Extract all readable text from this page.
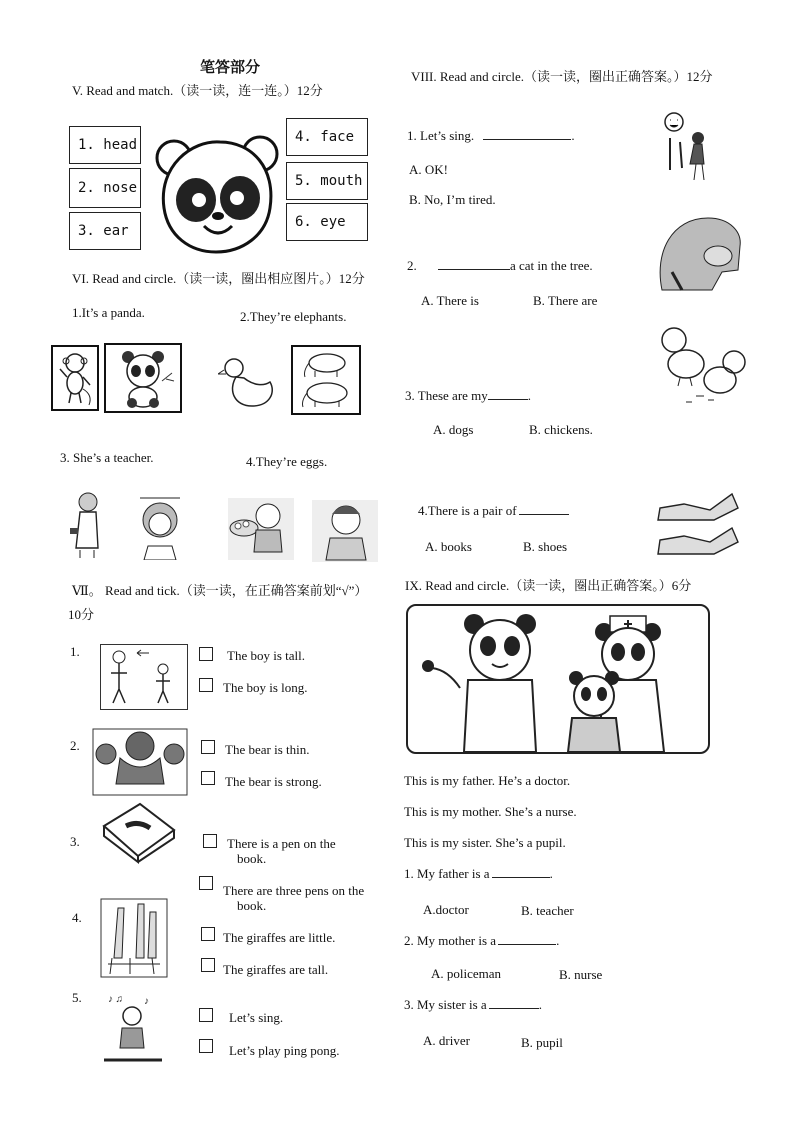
笔答部分
V. Read and match.（读一读，连一连。）12分
1. head
2. nose
3. ear
4. face
5. mouth
6. eye
VI. Read and circle.（读一读，圈出相应图片。）12分
1.It’s a panda.	2.They’re elephants.
3. She’s a teacher.	4.They’re eggs.
Ⅶ。 Read and tick.（读一读，在正确答案前划“√”）
10分
1.	The boy is tall.
The boy is long.
2.	The bear is thin.
The bear is strong.
3.	There is a pen on the
book.
There are three pens on the
book.
4.
The giraffes are little.
The giraffes are tall.
5.	♪ ♫ ♪
Let’s sing.
Let’s play ping pong.
VIII. Read and circle.（读一读，圈出正确答案。）12分
1. Let’s sing.	.
A. OK!
B. No, I’m tired.
2.	a cat in the tree.
A. There is	B. There are
3. These are my	.
A. dogs	B. chickens.
4.There is a pair of
A. books	B. shoes
IX. Read and circle.（读一读，圈出正确答案。）6分
This is my father. He’s a doctor.
This is my mother. She’s a nurse.
This is my sister. She’s a pupil.
1. My father is a	.
A.doctor	B. teacher
2. My mother is a	.
A. policeman	B. nurse
3. My sister is a	.
A. driver	B. pupil
